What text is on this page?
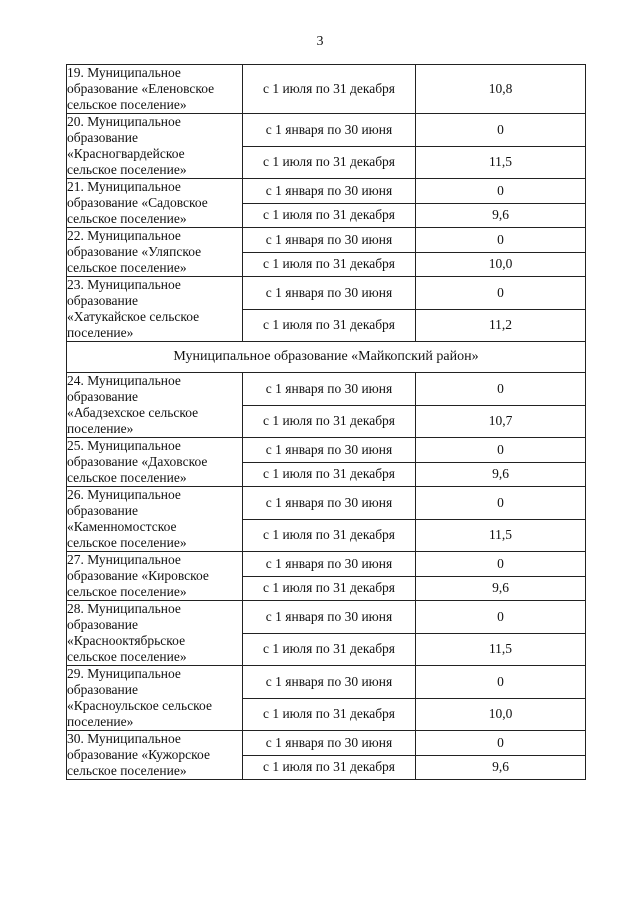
3
19. Муниципальное
образование «Еленовское
сельское поселение»	с 1 июля по 31 декабря	10,8
20. Муниципальное
образование
«Красногвардейское
сельское поселение»	с 1 января по 30 июня	0
	с 1 июля по 31 декабря	11,5
21. Муниципальное
образование «Садовское
сельское поселение»	с 1 января по 30 июня	0
	с 1 июля по 31 декабря	9,6
22. Муниципальное
образование «Уляпское
сельское поселение»	с 1 января по 30 июня	0
	с 1 июля по 31 декабря	10,0
23. Муниципальное
образование
«Хатукайское сельское
поселение»	с 1 января по 30 июня	0
	с 1 июля по 31 декабря	11,2
Муниципальное образование «Майкопский район»		
24. Муниципальное
образование
«Абадзехское сельское
поселение»	с 1 января по 30 июня	0
	с 1 июля по 31 декабря	10,7
25. Муниципальное
образование «Даховское
сельское поселение»	с 1 января по 30 июня	0
	с 1 июля по 31 декабря	9,6
26. Муниципальное
образование
«Каменномостское
сельское поселение»	с 1 января по 30 июня	0
	с 1 июля по 31 декабря	11,5
27. Муниципальное
образование «Кировское
сельское поселение»	с 1 января по 30 июня	0
	с 1 июля по 31 декабря	9,6
28. Муниципальное
образование
«Краснооктябрьское
сельское поселение»	с 1 января по 30 июня	0
	с 1 июля по 31 декабря	11,5
29. Муниципальное
образование
«Красноульское сельское
поселение»	с 1 января по 30 июня	0
	с 1 июля по 31 декабря	10,0
30. Муниципальное
образование «Кужорское
сельское поселение»	с 1 января по 30 июня	0
	с 1 июля по 31 декабря	9,6
